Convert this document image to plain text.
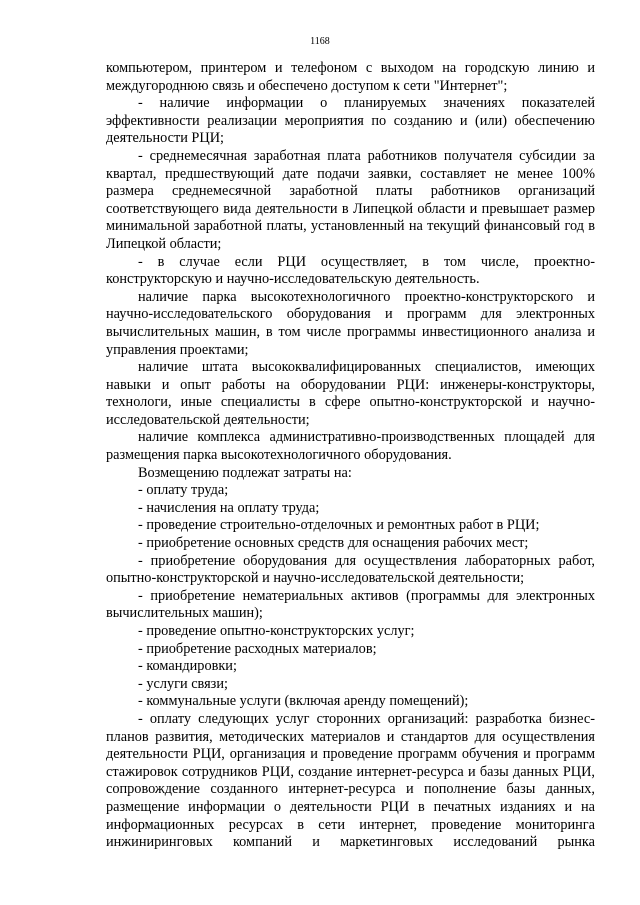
1168

компьютером, принтером и телефоном с выходом на городскую линию и междугороднюю связь и обеспечено доступом к сети "Интернет";

- наличие информации о планируемых значениях показателей эффективности реализации мероприятия по созданию и (или) обеспечению деятельности РЦИ;

- среднемесячная заработная плата работников получателя субсидии за квартал, предшествующий дате подачи заявки, составляет не менее 100% размера среднемесячной заработной платы работников организаций соответствующего вида деятельности в Липецкой области и превышает размер минимальной заработной платы, установленный на текущий финансовый год в Липецкой области;

- в случае если РЦИ осуществляет, в том числе, проектно-конструкторскую и научно-исследовательскую деятельность.

наличие парка высокотехнологичного проектно-конструкторского и научно-исследовательского оборудования и программ для электронных вычислительных машин, в том числе программы инвестиционного анализа и управления проектами;

наличие штата высококвалифицированных специалистов, имеющих навыки и опыт работы на оборудовании РЦИ: инженеры-конструкторы, технологи, иные специалисты в сфере опытно-конструкторской и научно-исследовательской деятельности;

наличие комплекса административно-производственных площадей для размещения парка высокотехнологичного оборудования.

Возмещению подлежат затраты на:

- оплату труда;

- начисления на оплату труда;

- проведение строительно-отделочных и ремонтных работ в РЦИ;

- приобретение основных средств для оснащения рабочих мест;

- приобретение оборудования для осуществления лабораторных работ, опытно-конструкторской и научно-исследовательской деятельности;

- приобретение нематериальных активов (программы для электронных вычислительных машин);

- проведение опытно-конструкторских услуг;

- приобретение расходных материалов;

- командировки;

- услуги связи;

- коммунальные услуги (включая аренду помещений);

- оплату следующих услуг сторонних организаций: разработка бизнес-планов развития, методических материалов и стандартов для осуществления деятельности РЦИ, организация и проведение программ обучения и программ стажировок сотрудников РЦИ, создание интернет-ресурса и базы данных РЦИ, сопровождение созданного интернет-ресурса и пополнение базы данных, размещение информации о деятельности РЦИ в печатных изданиях и на информационных ресурсах в сети интернет, проведение мониторинга инжиниринговых компаний и маркетинговых исследований рынка
